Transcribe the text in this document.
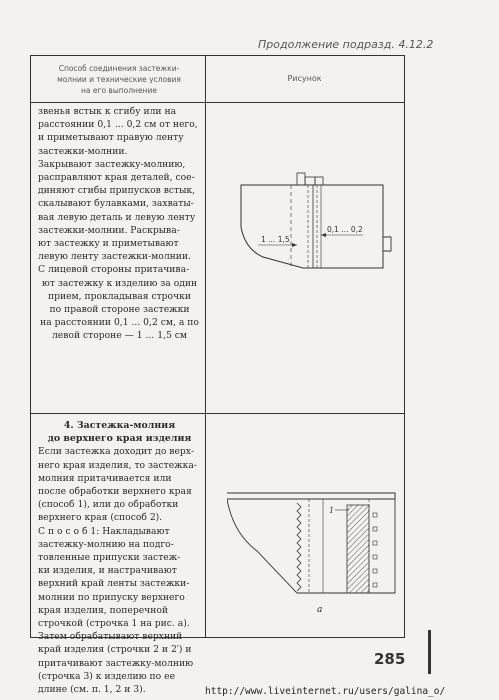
Продолжение подразд. 4.12.2
Способ соединения застежки-
молнии и технические условия
на его выполнение
Рисунок
звенья встык к сгибу или на
расстоянии 0,1 ... 0,2 см от него,
и приметывают правую ленту
застежки-молнии.
Закрывают застежку-молнию,
расправляют края деталей, сое-
диняют сгибы припусков встык,
скалывают булавками, захваты-
вая левую деталь и левую ленту
застежки-молнии. Раскрыва-
ют застежку и приметывают
левую ленту застежки-молнии.
С лицевой стороны притачива-
ют застежку к изделию за один
прием, прокладывая строчки
по правой стороне застежки
на расстоянии 0,1 ... 0,2 см, а по
левой стороне — 1 ... 1,5 см
1 ... 1,5
0,1 ... 0,2
4. Застежка-молния
до верхнего края изделия
Если застежка доходит до верх-
него края изделия, то застежка-
молния притачивается или
после обработки верхнего края
(способ 1), или до обработки
верхнего края (способ 2).
С п о с о б 1: Накладывают
застежку-молнию на подго-
товленные припуски застеж-
ки изделия, и настрачивают
верхний край ленты застежки-
молнии по припуску верхнего
края изделия, поперечной
строчкой (строчка 1 на рис. а).
Затем обрабатывают верхний
край изделия (строчки 2 и 2′) и
притачивают застежку-молнию
(строчка 3) к изделию по ее
длине (см. п. 1, 2 и 3).
1
а
285
http://www.liveinternet.ru/users/galina_o/
